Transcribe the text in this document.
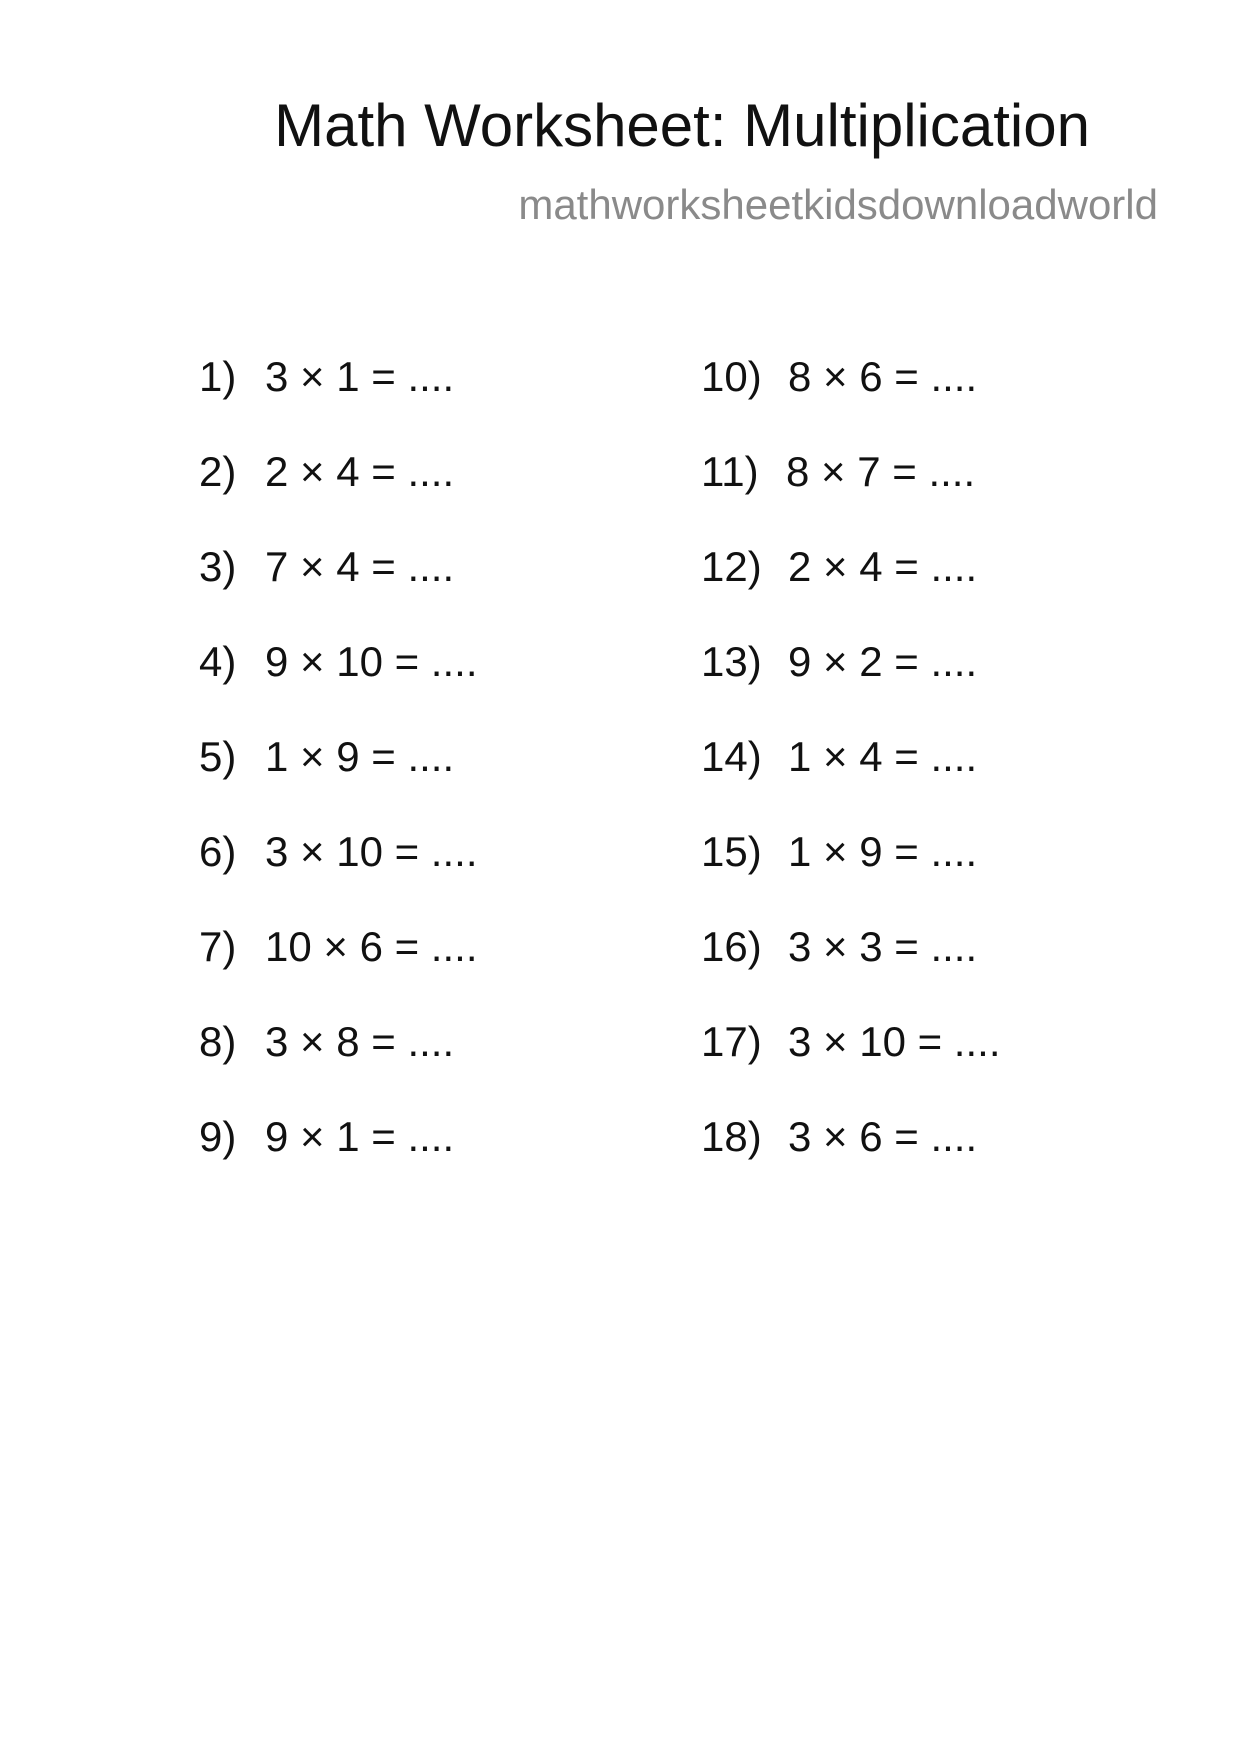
Math Worksheet: Multiplication
mathworksheetkidsdownloadworld
1) 3 × 1 = ....
2) 2 × 4 = ....
3) 7 × 4 = ....
4) 9 × 10 = ....
5) 1 × 9 = ....
6) 3 × 10 = ....
7) 10 × 6 = ....
8) 3 × 8 = ....
9) 9 × 1 = ....
10) 8 × 6 = ....
11) 8 × 7 = ....
12) 2 × 4 = ....
13) 9 × 2 = ....
14) 1 × 4 = ....
15) 1 × 9 = ....
16) 3 × 3 = ....
17) 3 × 10 = ....
18) 3 × 6 = ....
